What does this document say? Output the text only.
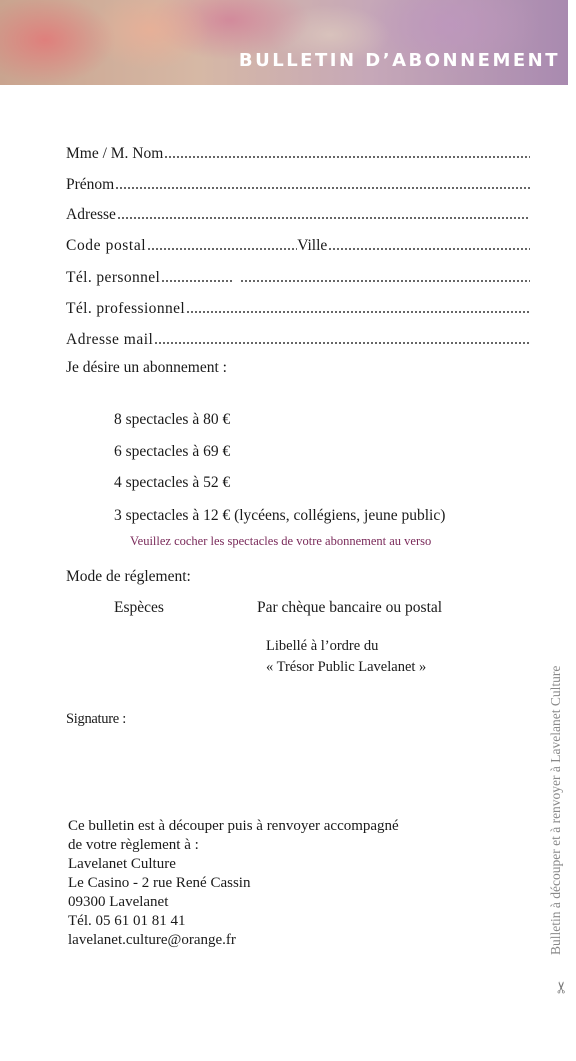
BULLETIN D’ABONNEMENT
Mme / M. Nom
Prénom
Adresse
Code postal	Ville
Tél. personnel
Tél. professionnel
Adresse mail
Je désire un abonnement :
8 spectacles à 80 €
6 spectacles à 69 €
4 spectacles à 52 €
3 spectacles à 12 € (lycéens, collégiens, jeune public)
Veuillez cocher les spectacles de votre abonnement au verso
Mode de réglement:
Espèces	Par chèque bancaire ou postal
Libellé à l’ordre du
« Trésor Public Lavelanet »
Signature :
Ce bulletin est à découper puis à renvoyer accompagné
de votre règlement à :
Lavelanet Culture
Le Casino - 2 rue René Cassin
09300 Lavelanet
Tél. 05 61 01 81 41
lavelanet.culture@orange.fr	Bulletin à découper et à renvoyer à Lavelanet Culture
✂
